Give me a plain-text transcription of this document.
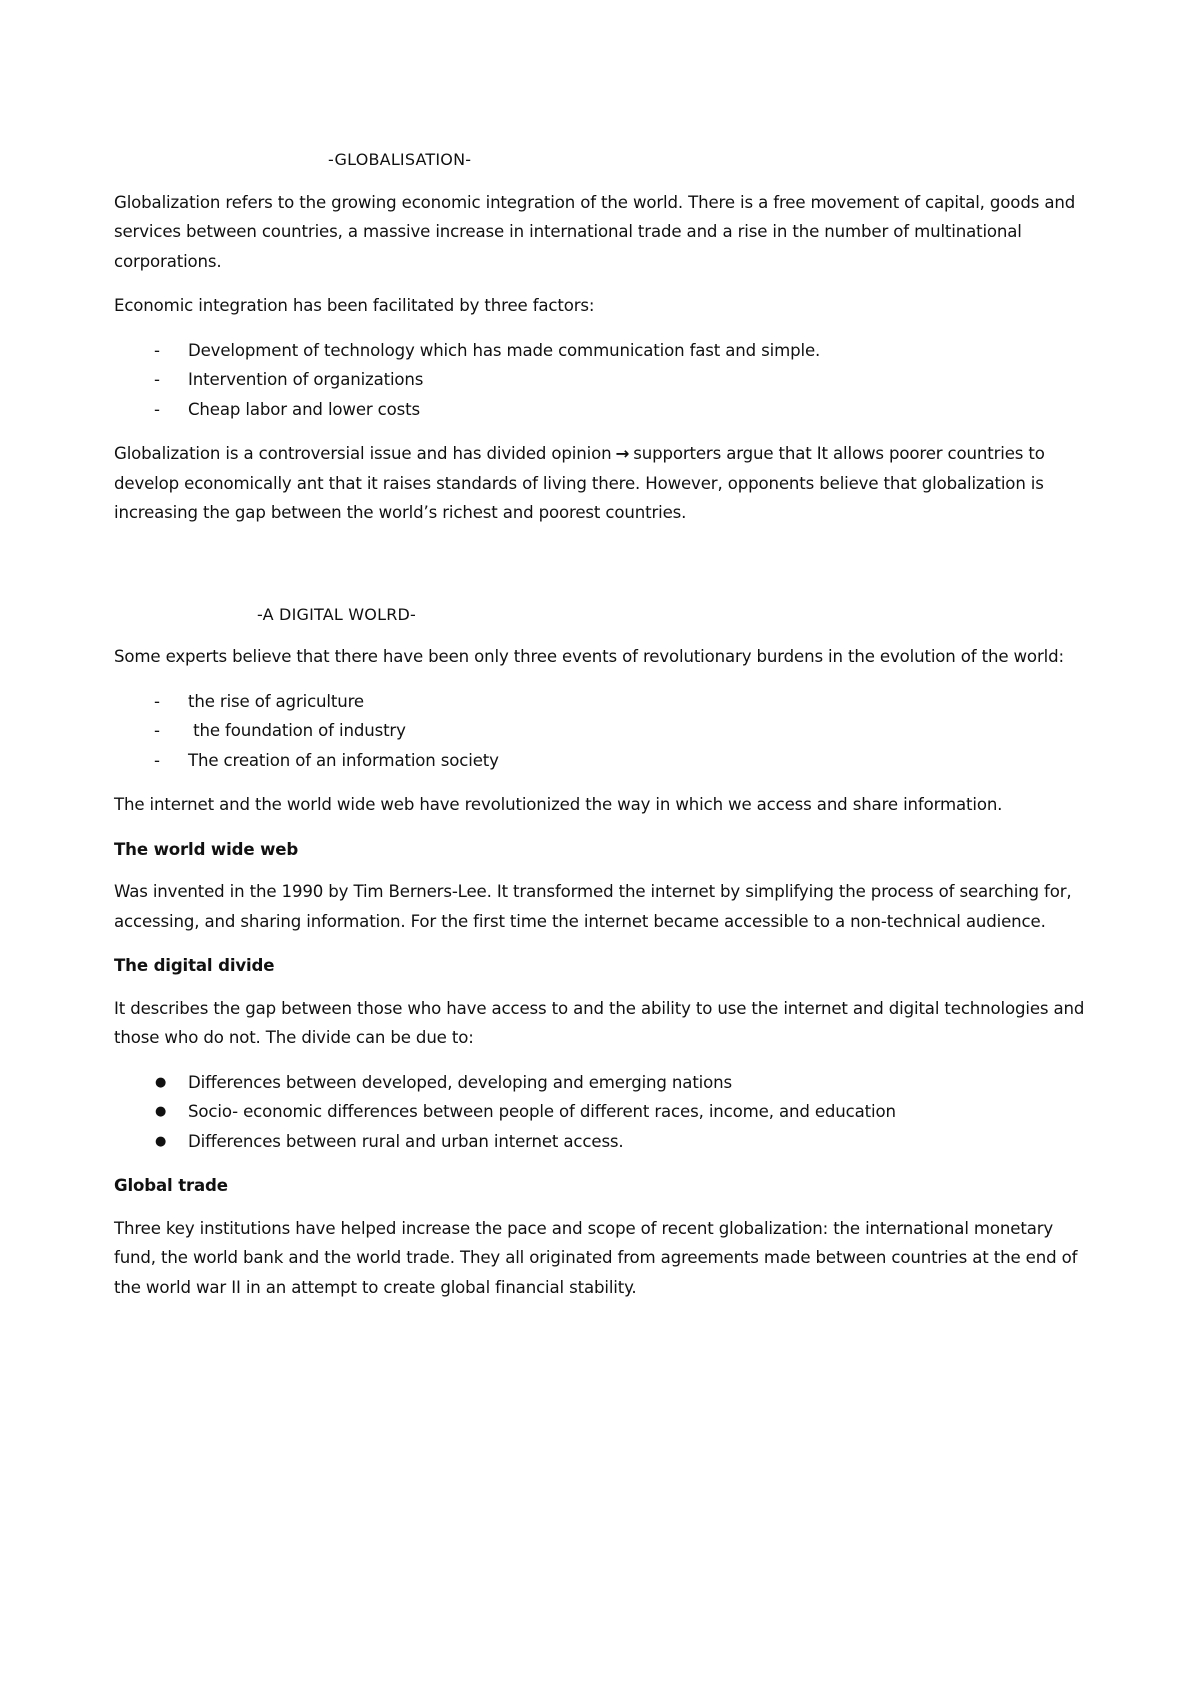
-GLOBALISATION-

Globalization refers to the growing economic integration of the world. There is a free movement of capital, goods and services between countries, a massive increase in international trade and a rise in the number of multinational corporations.

Economic integration has been facilitated by three factors:

- Development of technology which has made communication fast and simple.
- Intervention of organizations
- Cheap labor and lower costs

Globalization is a controversial issue and has divided opinion → supporters argue that It allows poorer countries to develop economically ant that it raises standards of living there. However, opponents believe that globalization is increasing the gap between the world’s richest and poorest countries.

-A DIGITAL WOLRD-

Some experts believe that there have been only three events of revolutionary burdens in the evolution of the world:

- the rise of agriculture
- the foundation of industry
- The creation of an information society

The internet and the world wide web have revolutionized the way in which we access and share information.

The world wide web

Was invented in the 1990 by Tim Berners-Lee. It transformed the internet by simplifying the process of searching for, accessing, and sharing information. For the first time the internet became accessible to a non-technical audience.

The digital divide

It describes the gap between those who have access to and the ability to use the internet and digital technologies and those who do not. The divide can be due to:

● Differences between developed, developing and emerging nations
● Socio- economic differences between people of different races, income, and education
● Differences between rural and urban internet access.
Global trade

Three key institutions have helped increase the pace and scope of recent globalization: the international monetary fund, the world bank and the world trade. They all originated from agreements made between countries at the end of the world war II in an attempt to create global financial stability.
